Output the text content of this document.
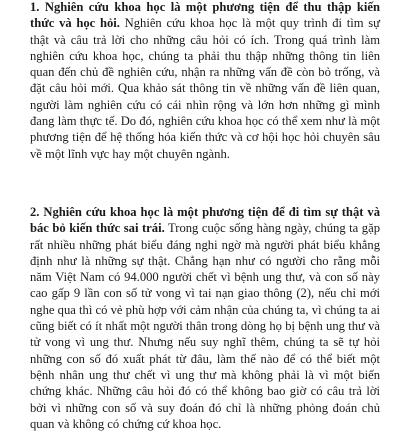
1. Nghiên cứu khoa học là một phương tiện để thu thập kiến thức và học hỏi. Nghiên cứu khoa học là một quy trình đi tìm sự thật và câu trả lời cho những câu hỏi có ích. Trong quá trình làm nghiên cứu khoa học, chúng ta phải thu thập những thông tin liên quan đến chủ đề nghiên cứu, nhận ra những vấn đề còn bỏ trống, và đặt câu hỏi mới. Qua khảo sát thông tin về những vấn đề liên quan, người làm nghiên cứu có cái nhìn rộng và lớn hơn những gì mình đang làm thực tế. Do đó, nghiên cứu khoa học có thể xem như là một phương tiện để hệ thống hóa kiến thức và cơ hội học hỏi chuyên sâu về một lĩnh vực hay một chuyên ngành.

2. Nghiên cứu khoa học là một phương tiện để đi tìm sự thật và bác bỏ kiến thức sai trái. Trong cuộc sống hàng ngày, chúng ta gặp rất nhiều những phát biểu đáng nghi ngờ mà người phát biểu khẳng định như là những sự thật. Chẳng hạn như có người cho rằng mỗi năm Việt Nam có 94.000 người chết vì bệnh ung thư, và con số này cao gấp 9 lần con số tử vong vì tai nạn giao thông (2), nếu chỉ mới nghe qua thì có vẻ phù hợp với cảm nhận của chúng ta, vì chúng ta ai cũng biết có ít nhất một người thân trong dòng họ bị bệnh ung thư và tử vong vì ung thư. Nhưng nếu suy nghĩ thêm, chúng ta sẽ tự hỏi những con số đó xuất phát từ đâu, làm thế nào để có thể biết một bệnh nhân ung thư chết vì ung thư mà không phải là vì một biến chứng khác. Những câu hỏi đó có thể không bao giờ có câu trả lời bởi vì những con số và suy đoán đó chỉ là những phỏng đoán chủ quan và không có chứng cứ khoa học.
